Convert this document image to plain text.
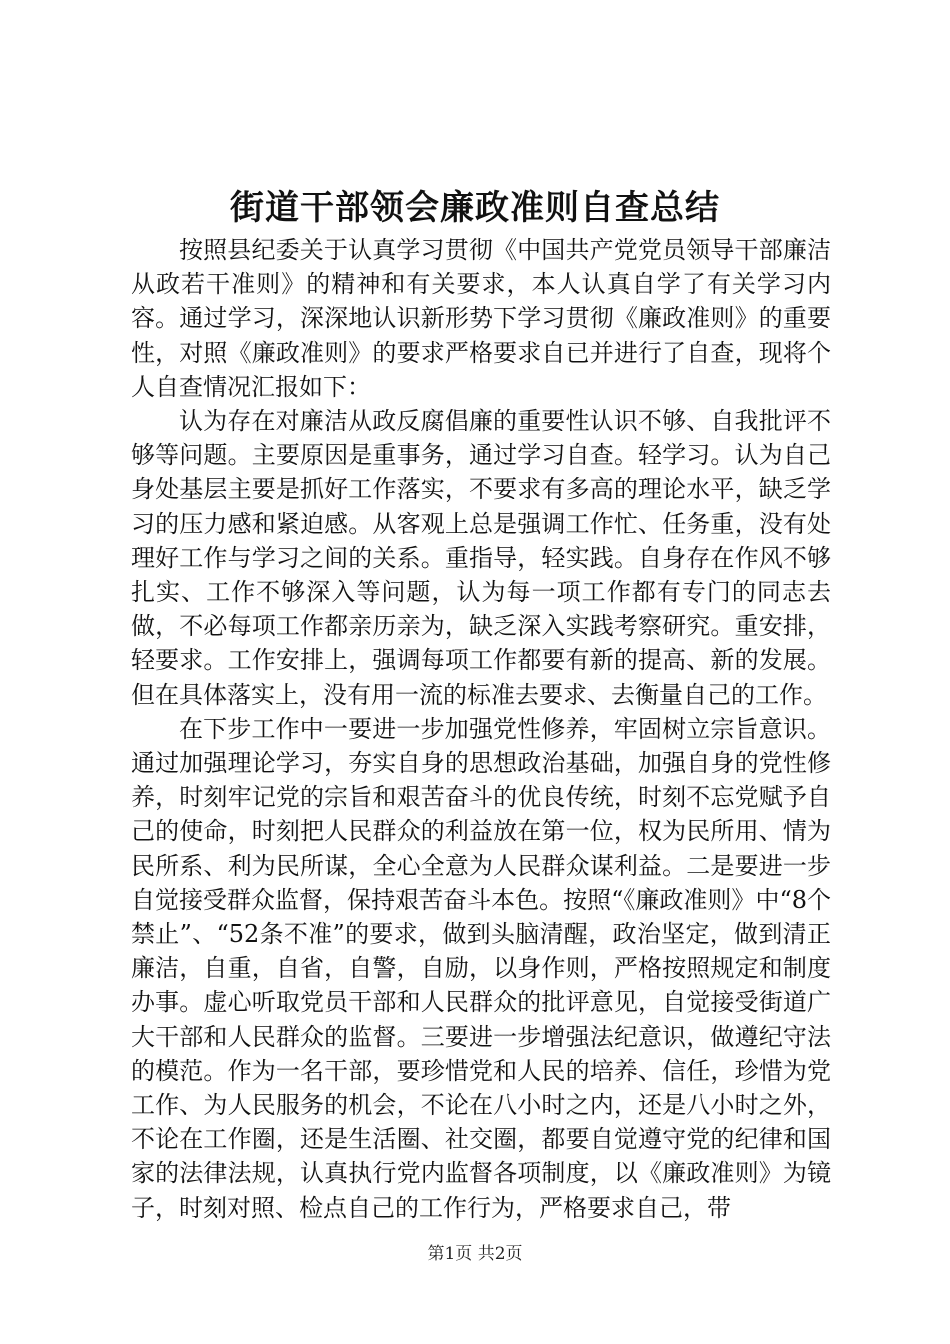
街道干部领会廉政准则自查总结

按照县纪委关于认真学习贯彻《中国共产党党员领导干部廉洁从政若干准则》的精神和有关要求，本人认真自学了有关学习内容。通过学习，深深地认识新形势下学习贯彻《廉政准则》的重要性，对照《廉政准则》的要求严格要求自已并进行了自查，现将个人自查情况汇报如下：

认为存在对廉洁从政反腐倡廉的重要性认识不够、自我批评不够等问题。主要原因是重事务，通过学习自查。轻学习。认为自己身处基层主要是抓好工作落实，不要求有多高的理论水平，缺乏学习的压力感和紧迫感。从客观上总是强调工作忙、任务重，没有处理好工作与学习之间的关系。重指导，轻实践。自身存在作风不够扎实、工作不够深入等问题，认为每一项工作都有专门的同志去做，不必每项工作都亲历亲为，缺乏深入实践考察研究。重安排，轻要求。工作安排上，强调每项工作都要有新的提高、新的发展。但在具体落实上，没有用一流的标准去要求、去衡量自己的工作。

在下步工作中一要进一步加强党性修养，牢固树立宗旨意识。通过加强理论学习，夯实自身的思想政治基础，加强自身的党性修养，时刻牢记党的宗旨和艰苦奋斗的优良传统，时刻不忘党赋予自己的使命，时刻把人民群众的利益放在第一位，权为民所用、情为民所系、利为民所谋，全心全意为人民群众谋利益。二是要进一步自觉接受群众监督，保持艰苦奋斗本色。按照“《廉政准则》中“8个禁止”、“52条不准”的要求，做到头脑清醒，政治坚定，做到清正廉洁，自重，自省，自警，自励，以身作则，严格按照规定和制度办事。虚心听取党员干部和人民群众的批评意见，自觉接受街道广大干部和人民群众的监督。三要进一步增强法纪意识，做遵纪守法的模范。作为一名干部，要珍惜党和人民的培养、信任，珍惜为党工作、为人民服务的机会，不论在八小时之内，还是八小时之外，不论在工作圈，还是生活圈、社交圈，都要自觉遵守党的纪律和国家的法律法规，认真执行党内监督各项制度，以《廉政准则》为镜子，时刻对照、检点自己的工作行为，严格要求自己，带

第1页 共2页
